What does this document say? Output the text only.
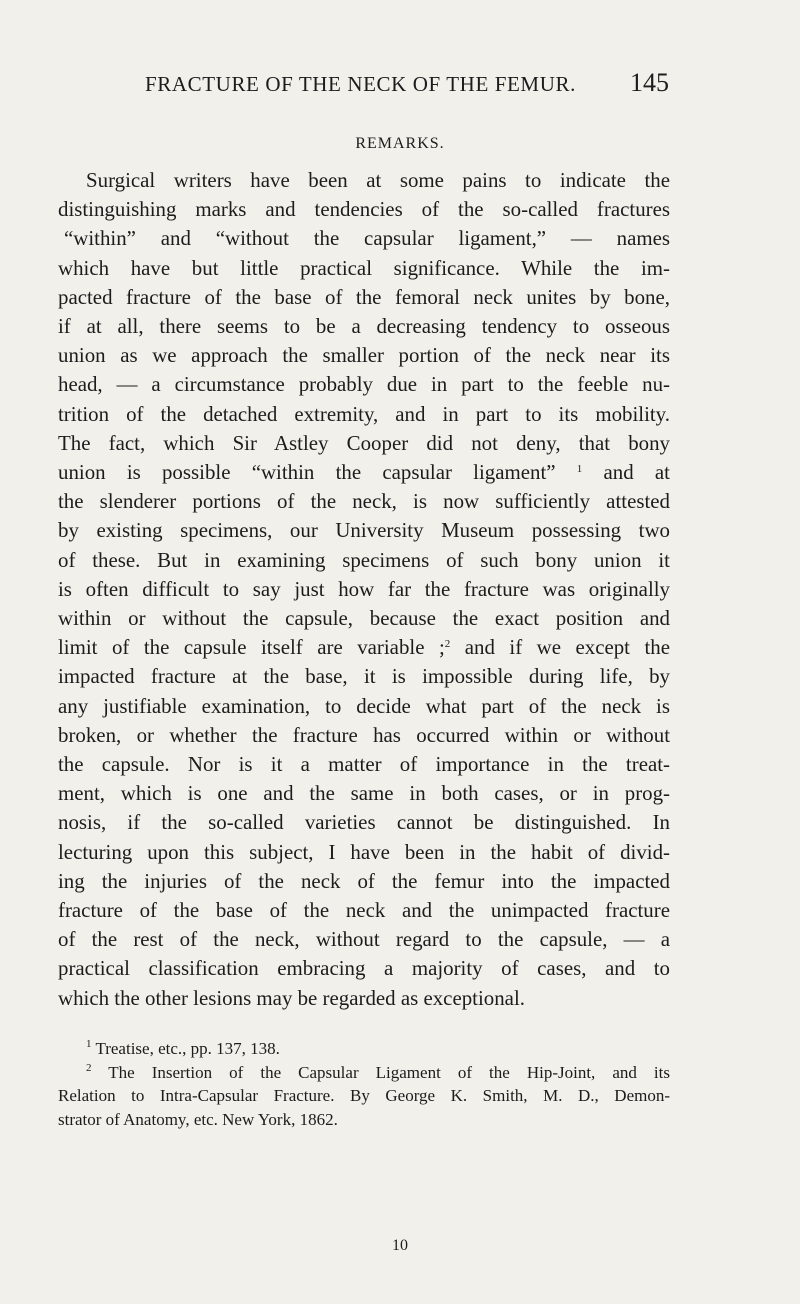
FRACTURE OF THE NECK OF THE FEMUR. 145
REMARKS.
Surgical writers have been at some pains to indicate the
distinguishing marks and tendencies of the so-called fractures
“within” and “without the capsular ligament,” — names
which have but little practical significance. While the im-
pacted fracture of the base of the femoral neck unites by bone,
if at all, there seems to be a decreasing tendency to osseous
union as we approach the smaller portion of the neck near its
head, — a circumstance probably due in part to the feeble nu-
trition of the detached extremity, and in part to its mobility.
The fact, which Sir Astley Cooper did not deny, that bony
union is possible “within the capsular ligament” $^1$ and at
the slenderer portions of the neck, is now sufficiently attested
by existing specimens, our University Museum possessing two
of these. But in examining specimens of such bony union it
is often difficult to say just how far the fracture was originally
within or without the capsule, because the exact position and
limit of the capsule itself are variable ;$^2$ and if we except the
impacted fracture at the base, it is impossible during life, by
any justifiable examination, to decide what part of the neck is
broken, or whether the fracture has occurred within or without
the capsule. Nor is it a matter of importance in the treat-
ment, which is one and the same in both cases, or in prog-
nosis, if the so-called varieties cannot be distinguished. In
lecturing upon this subject, I have been in the habit of divid-
ing the injuries of the neck of the femur into the impacted
fracture of the base of the neck and the unimpacted fracture
of the rest of the neck, without regard to the capsule, — a
practical classification embracing a majority of cases, and to
which the other lesions may be regarded as exceptional.
$^1$ Treatise, etc., pp. 137, 138.
$^2$ The Insertion of the Capsular Ligament of the Hip-Joint, and its
Relation to Intra-Capsular Fracture. By George K. Smith, M. D., Demon-
strator of Anatomy, etc. New York, 1862.
10
